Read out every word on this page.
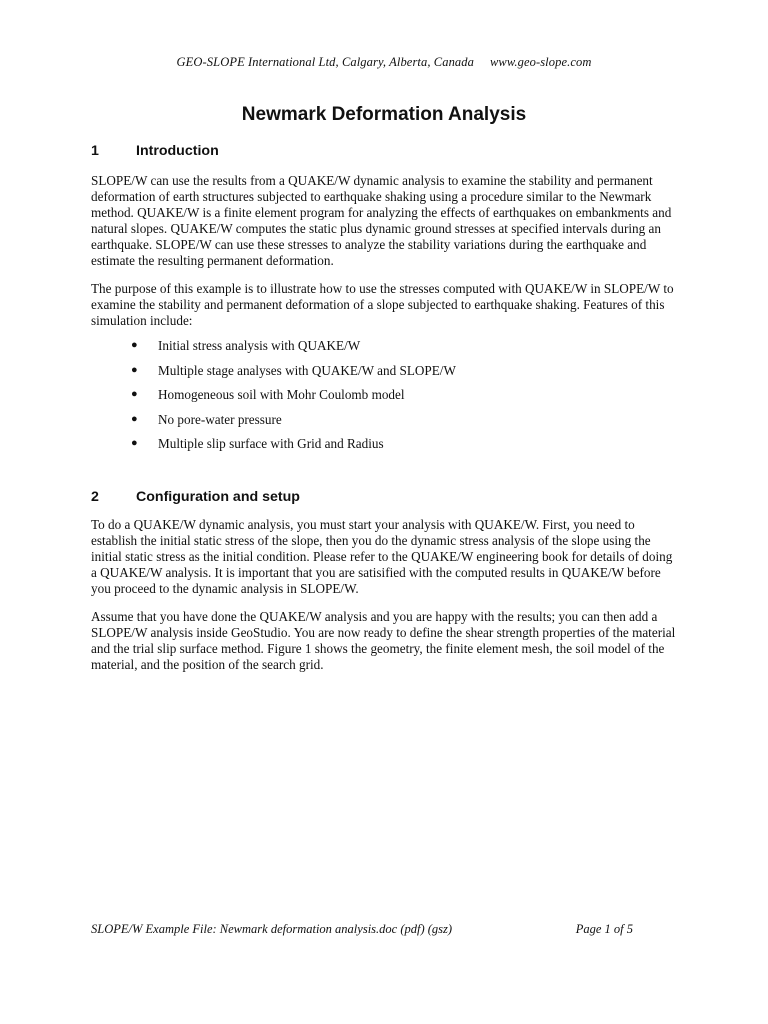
GEO-SLOPE International Ltd, Calgary, Alberta, Canada www.geo-slope.com
Newmark Deformation Analysis
1	Introduction
SLOPE/W can use the results from a QUAKE/W dynamic analysis to examine the stability and permanent deformation of earth structures subjected to earthquake shaking using a procedure similar to the Newmark method. QUAKE/W is a finite element program for analyzing the effects of earthquakes on embankments and natural slopes. QUAKE/W computes the static plus dynamic ground stresses at specified intervals during an earthquake. SLOPE/W can use these stresses to analyze the stability variations during the earthquake and estimate the resulting permanent deformation.
The purpose of this example is to illustrate how to use the stresses computed with QUAKE/W in SLOPE/W to examine the stability and permanent deformation of a slope subjected to earthquake shaking. Features of this simulation include:
●	Initial stress analysis with QUAKE/W
●	Multiple stage analyses with QUAKE/W and SLOPE/W
●	Homogeneous soil with Mohr Coulomb model
●	No pore-water pressure
●	Multiple slip surface with Grid and Radius
2	Configuration and setup
To do a QUAKE/W dynamic analysis, you must start your analysis with QUAKE/W. First, you need to establish the initial static stress of the slope, then you do the dynamic stress analysis of the slope using the initial static stress as the initial condition. Please refer to the QUAKE/W engineering book for details of doing a QUAKE/W analysis. It is important that you are satisified with the computed results in QUAKE/W before you proceed to the dynamic analysis in SLOPE/W.
Assume that you have done the QUAKE/W analysis and you are happy with the results; you can then add a SLOPE/W analysis inside GeoStudio. You are now ready to define the shear strength properties of the material and the trial slip surface method. Figure 1 shows the geometry, the finite element mesh, the soil model of the material, and the position of the search grid.
SLOPE/W Example File: Newmark deformation analysis.doc (pdf) (gsz)	Page 1 of 5
